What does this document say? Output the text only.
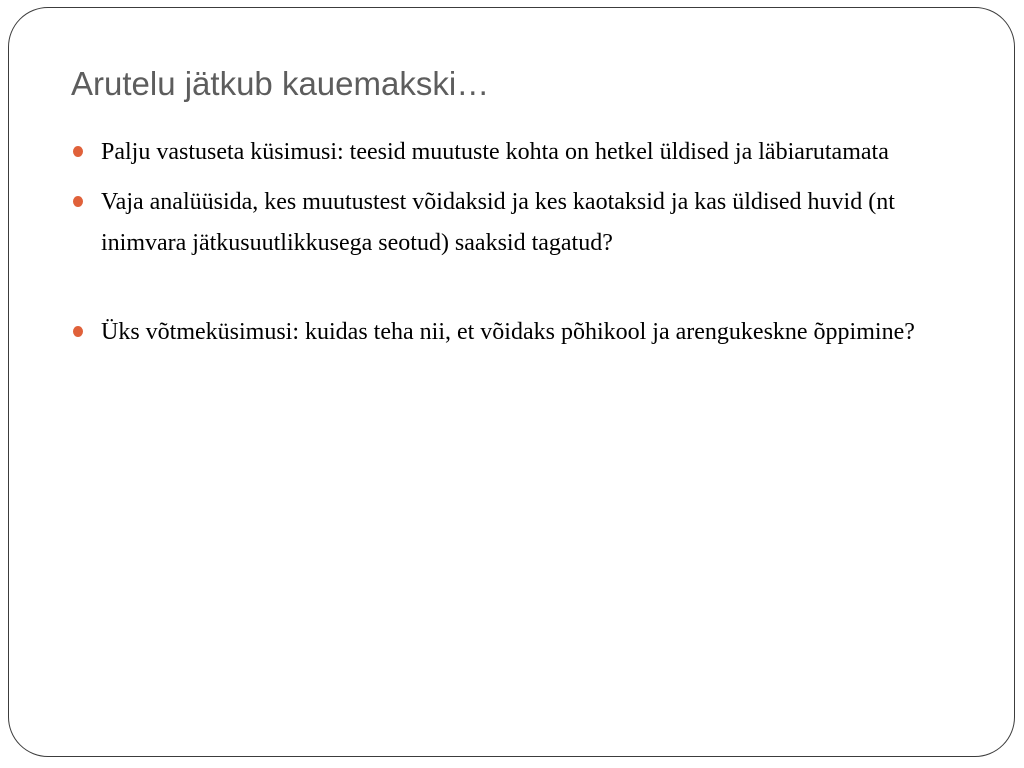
Arutelu jätkub kauemakski…
Palju vastuseta küsimusi: teesid muutuste kohta on hetkel üldised ja läbiarutamata
Vaja analüüsida, kes muutustest võidaksid ja kes kaotaksid ja kas üldised huvid (nt inimvara jätkusuutlikkusega seotud) saaksid tagatud?
Üks võtmeküsimusi: kuidas teha nii, et võidaks põhikool ja arengukeskne õppimine?
